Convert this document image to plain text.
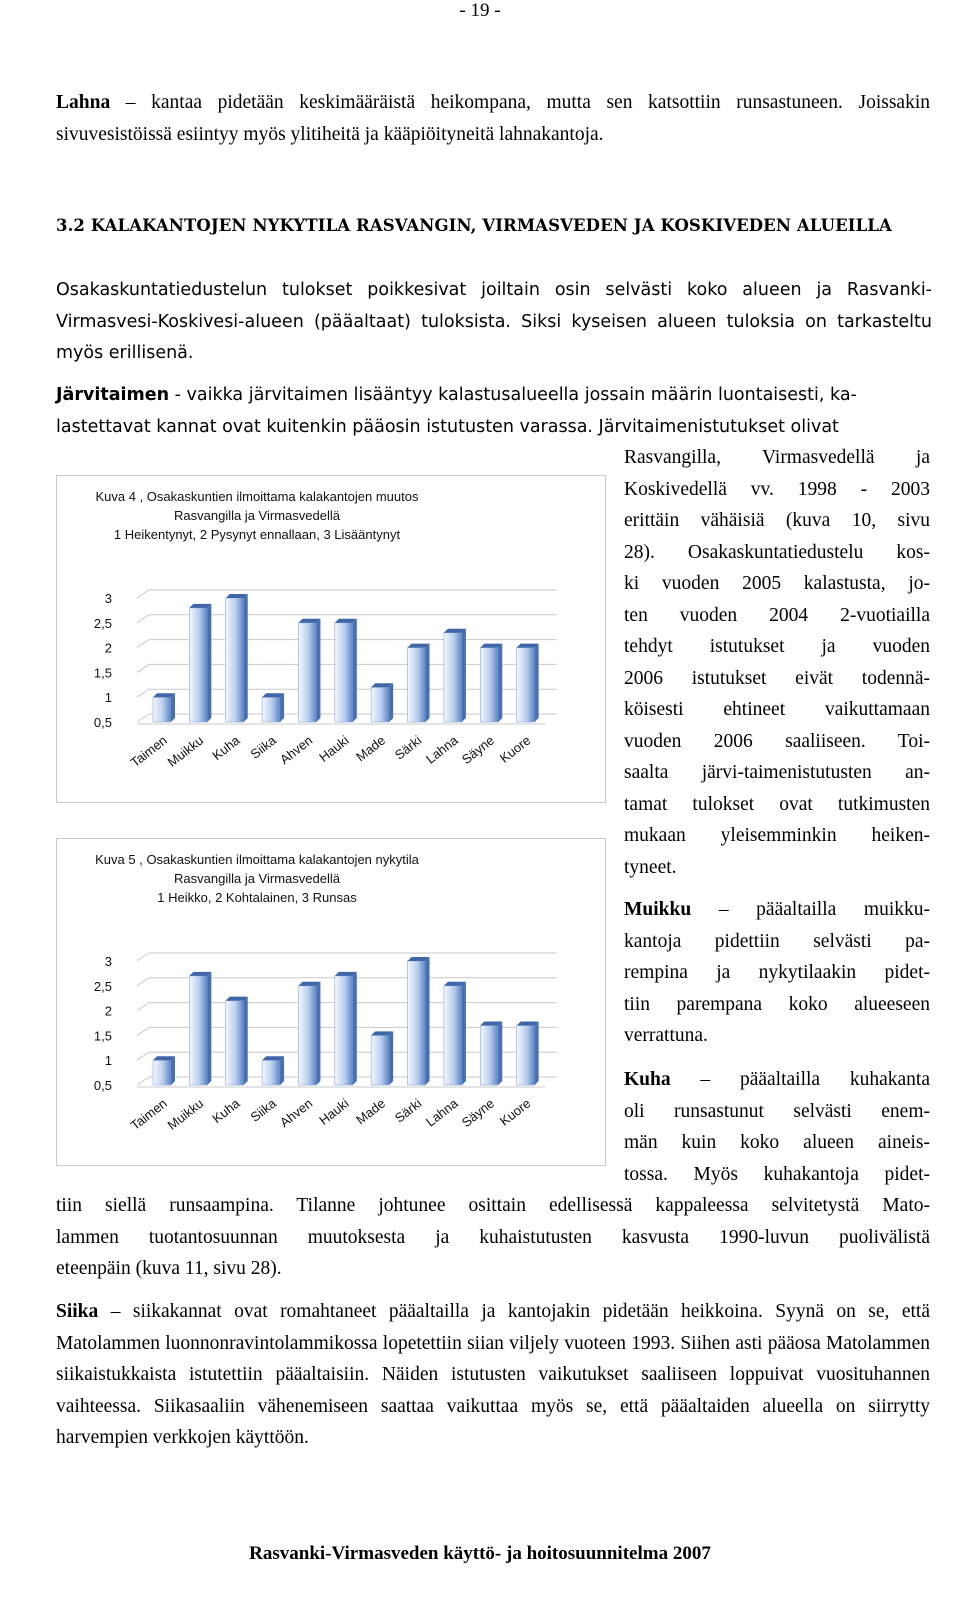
- 19 -
Lahna – kantaa pidetään keskimääräistä heikompana, mutta sen katsottiin runsastuneen. Joissakin sivuvesistöissä esiintyy myös ylitiheitä ja kääpiöityneitä lahnakantoja.
3.2 KALAKANTOJEN NYKYTILA RASVANGIN, VIRMASVEDEN JA KOSKIVEDEN ALUEILLA
Osakaskuntatiedustelun tulokset poikkesivat joiltain osin selvästi koko alueen ja Rasvanki-Virmasvesi-Koskivesi-alueen (pääaltaat) tuloksista. Siksi kyseisen alueen tuloksia on tarkasteltu myös erillisenä.
Järvitaimen - vaikka järvitaimen lisääntyy kalastusalueella jossain määrin luontaisesti, ka-
lastettavat kannat ovat kuitenkin pääosin istutusten varassa. Järvitaimenistutukset olivat
Rasvangilla, Virmasvedellä ja
Koskivedellä vv. 1998 - 2003
erittäin vähäisiä (kuva 10, sivu
28). Osakaskuntatiedustelu kos-
ki vuoden 2005 kalastusta, jo-
ten vuoden 2004 2-vuotiailla
tehdyt istutukset ja vuoden
2006 istutukset eivät todennä-
köisesti ehtineet vaikuttamaan
vuoden 2006 saaliiseen. Toi-
saalta järvi-taimenistutusten an-
tamat tulokset ovat tutkimusten
mukaan yleisemminkin heiken-
tyneet.
Muikku – pääaltailla muikku-
kantoja pidettiin selvästi pa-
rempina ja nykytilaakin pidet-
tiin parempana koko alueeseen
verrattuna.
Kuha – pääaltailla kuhakanta
oli runsastunut selvästi enem-
män kuin koko alueen aineis-
tossa. Myös kuhakantoja pidet-
tiin siellä runsaampina. Tilanne johtunee osittain edellisessä kappaleessa selvitetystä Mato-
lammen tuotantosuunnan muutoksesta ja kuhaistutusten kasvusta 1990-luvun puolivälistä
eteenpäin (kuva 11, sivu 28).
Siika – siikakannat ovat romahtaneet pääaltailla ja kantojakin pidetään heikkoina. Syynä on se, että Matolammen luonnonravintolammikossa lopetettiin siian viljely vuoteen 1993. Siihen asti pääosa Matolammen siikaistukkaista istutettiin pääaltaisiin. Näiden istutusten vaikutukset saaliiseen loppuivat vuosituhannen vaihteessa. Siikasaaliin vähenemiseen saattaa vaikuttaa myös se, että pääaltaiden alueella on siirrytty harvempien verkkojen käyttöön.
Rasvanki-Virmasveden käyttö- ja hoitosuunnitelma 2007
Kuva 4 , Osakaskuntien ilmoittama kalakantojen muutos
Rasvangilla ja Virmasvedellä
1 Heikentynyt, 2 Pysynyt ennallaan, 3 Lisääntynyt
3
2,5
2
1,5
1
0,5
Taimen
Muikku Kuha Siika
Ahven Hauki Made Särki
Lahna
Säyne Kuore
Kuva 5 , Osakaskuntien ilmoittama kalakantojen nykytila
Rasvangilla ja Virmasvedellä
1 Heikko, 2 Kohtalainen, 3 Runsas
3
2,5
2
1,5
1
0,5
Taimen
Muikku Kuha Siika
Ahven Hauki Made Särki
Lahna
Säyne Kuore
